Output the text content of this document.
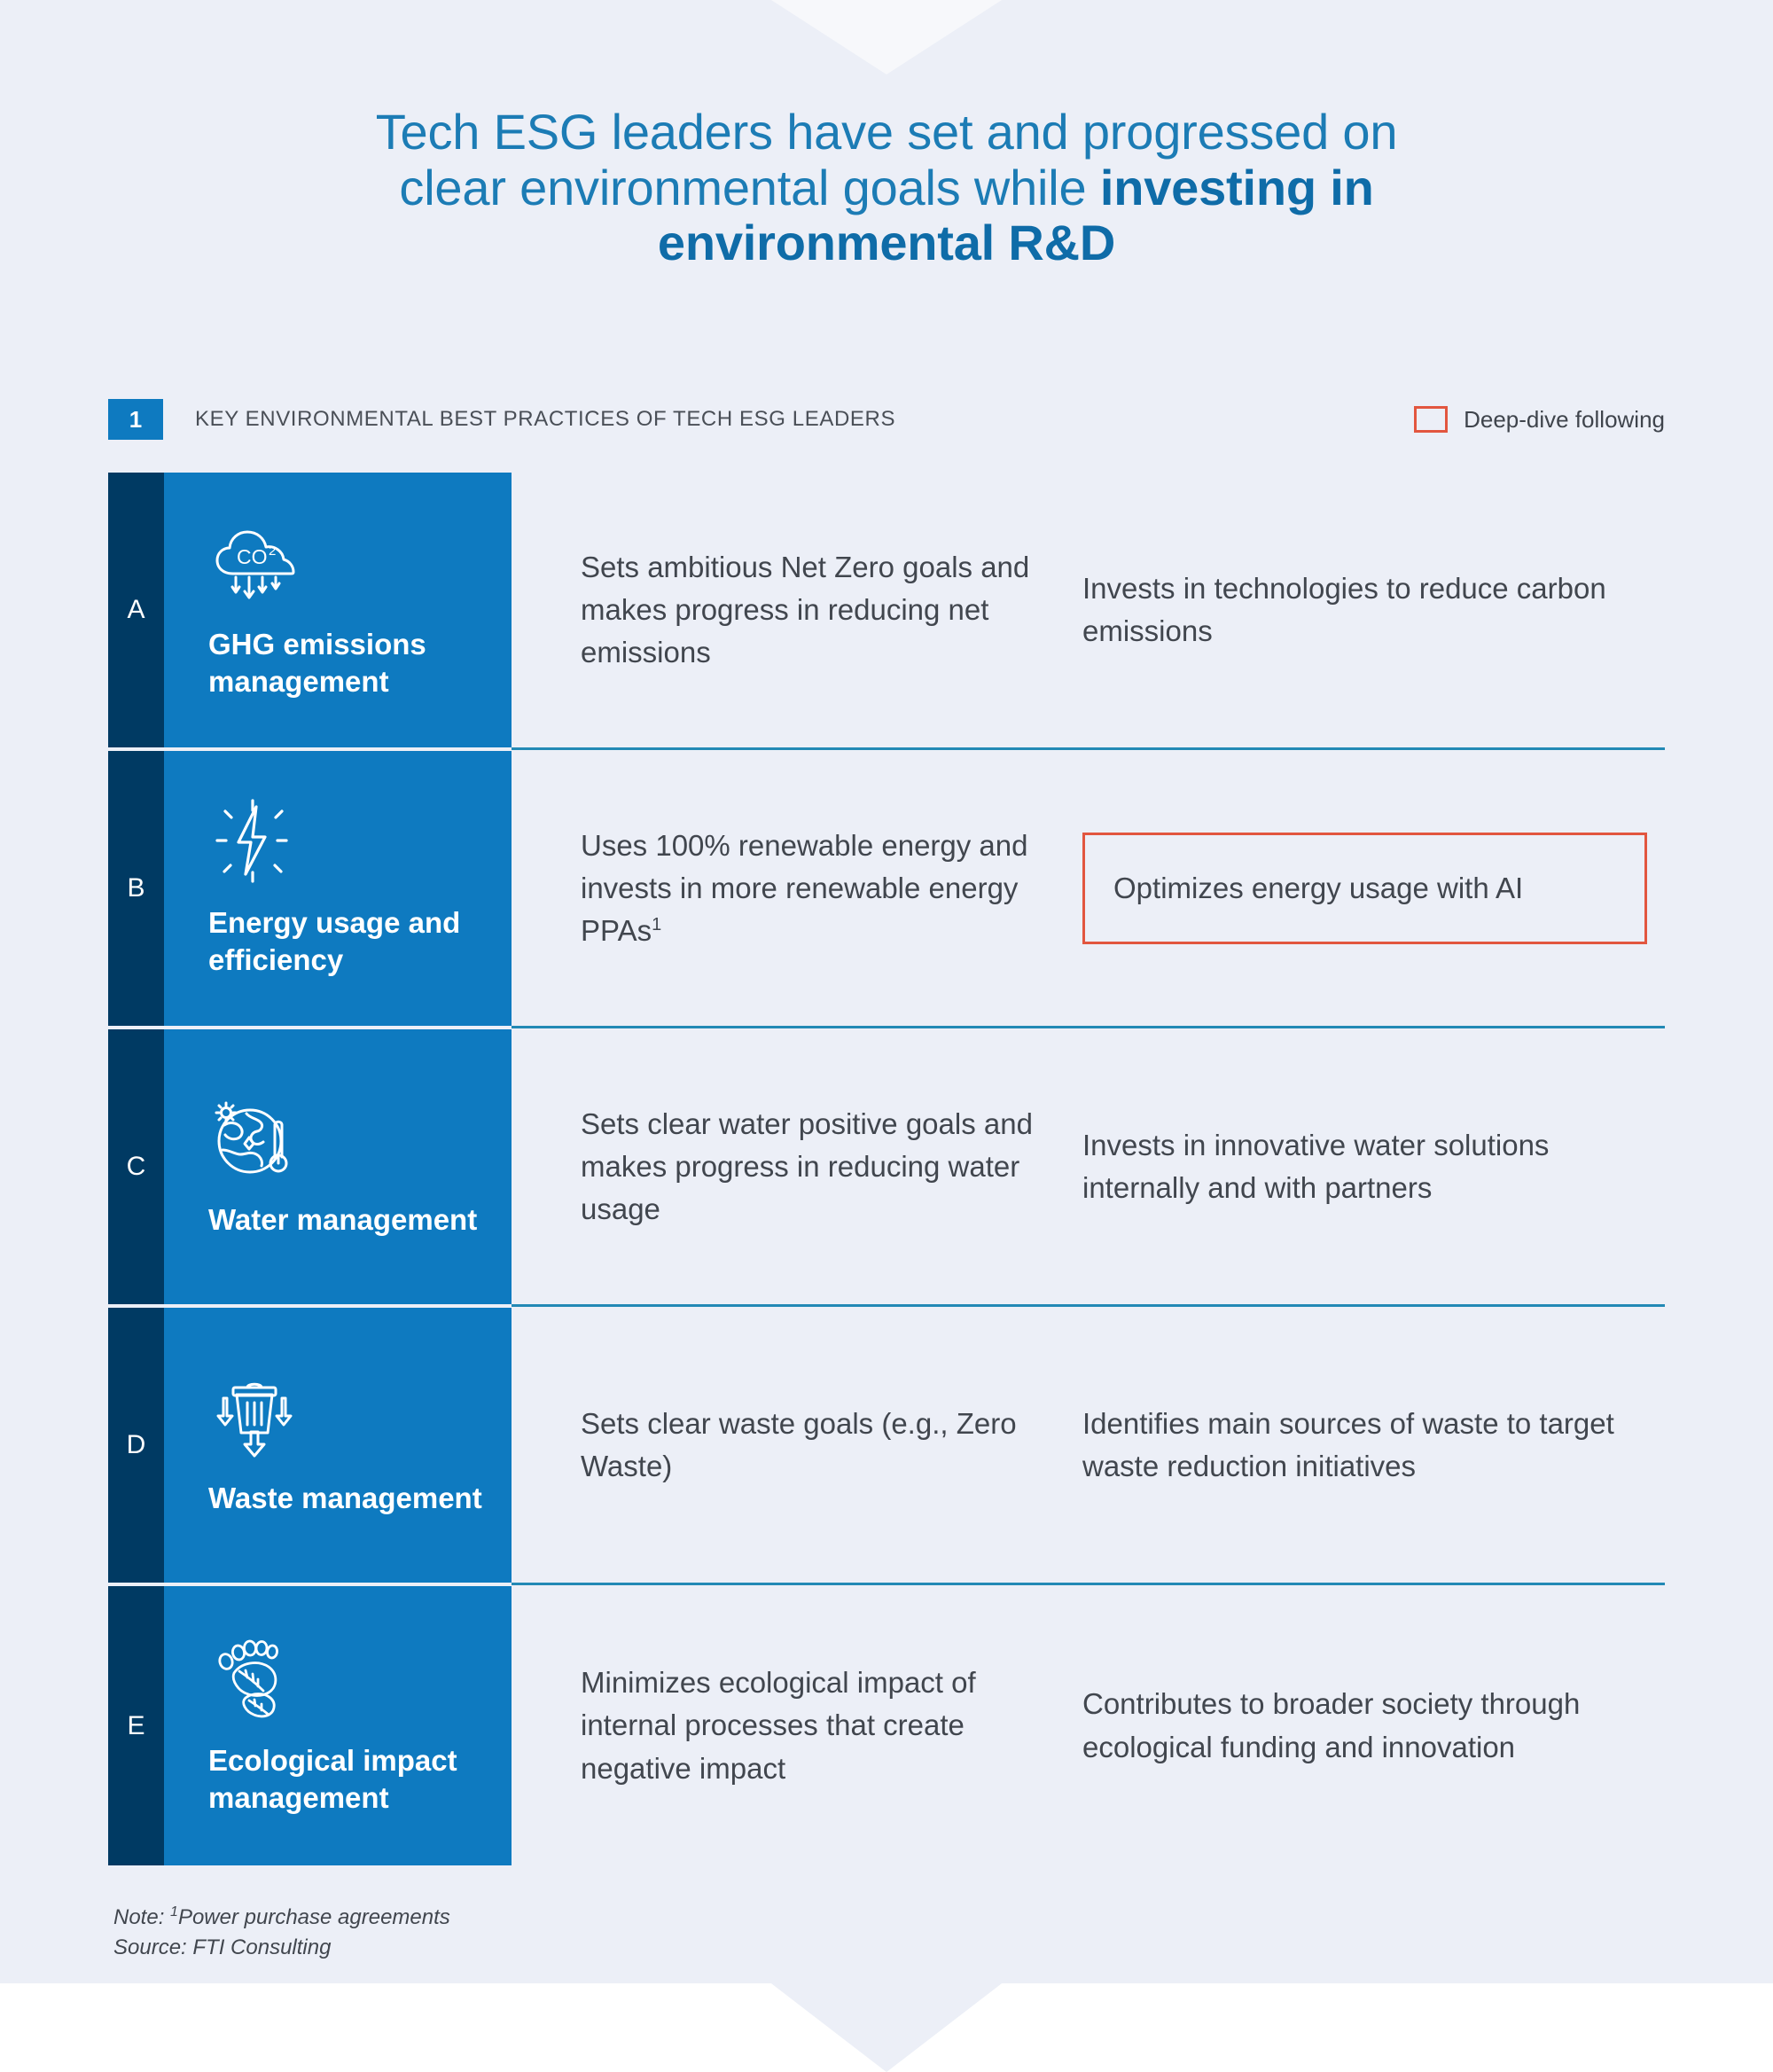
Tech ESG leaders have set and progressed on
clear environmental goals while investing in
environmental R&D
1	KEY ENVIRONMENTAL BEST PRACTICES OF TECH ESG LEADERS	Deep-dive following
A
CO 2
GHG emissions management

Sets ambitious Net Zero goals and makes progress in reducing net emissions

Invests in technologies to reduce carbon emissions

B
Energy usage and efficiency

Uses 100% renewable energy and invests in more renewable energy PPAs$^1$

Optimizes energy usage with AI

C
Water management

Sets clear water positive goals and makes progress in reducing water usage

Invests in innovative water solutions internally and with partners

D
Waste management

Sets clear waste goals (e.g., Zero Waste)

Identifies main sources of waste to target waste reduction initiatives

E
Ecological impact management

Minimizes ecological impact of internal processes that create negative impact

Contributes to broader society through ecological funding and innovation

Note: $^1$Power purchase agreements
Source: FTI Consulting
